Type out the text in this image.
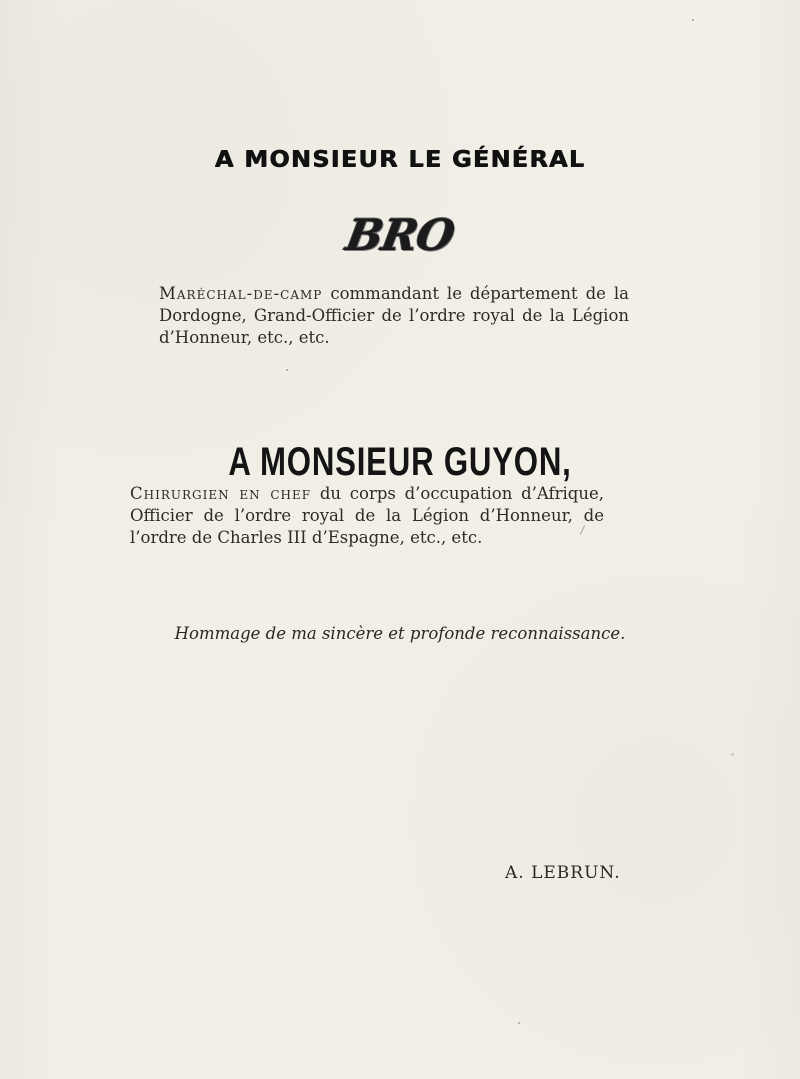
A MONSIEUR LE GÉNÉRAL
BRO
Maréchal-de-camp commandant le département de la Dordogne, Grand-Officier de l’ordre royal de la Légion d’Honneur, etc., etc.
A MONSIEUR GUYON,
Chirurgien en chef du corps d’occupation d’Afrique, Officier de l’ordre royal de la Légion d’Honneur, de l’ordre de Charles III d’Espagne, etc., etc.
Hommage de ma sincère et profonde reconnaissance.
A. LEBRUN.
